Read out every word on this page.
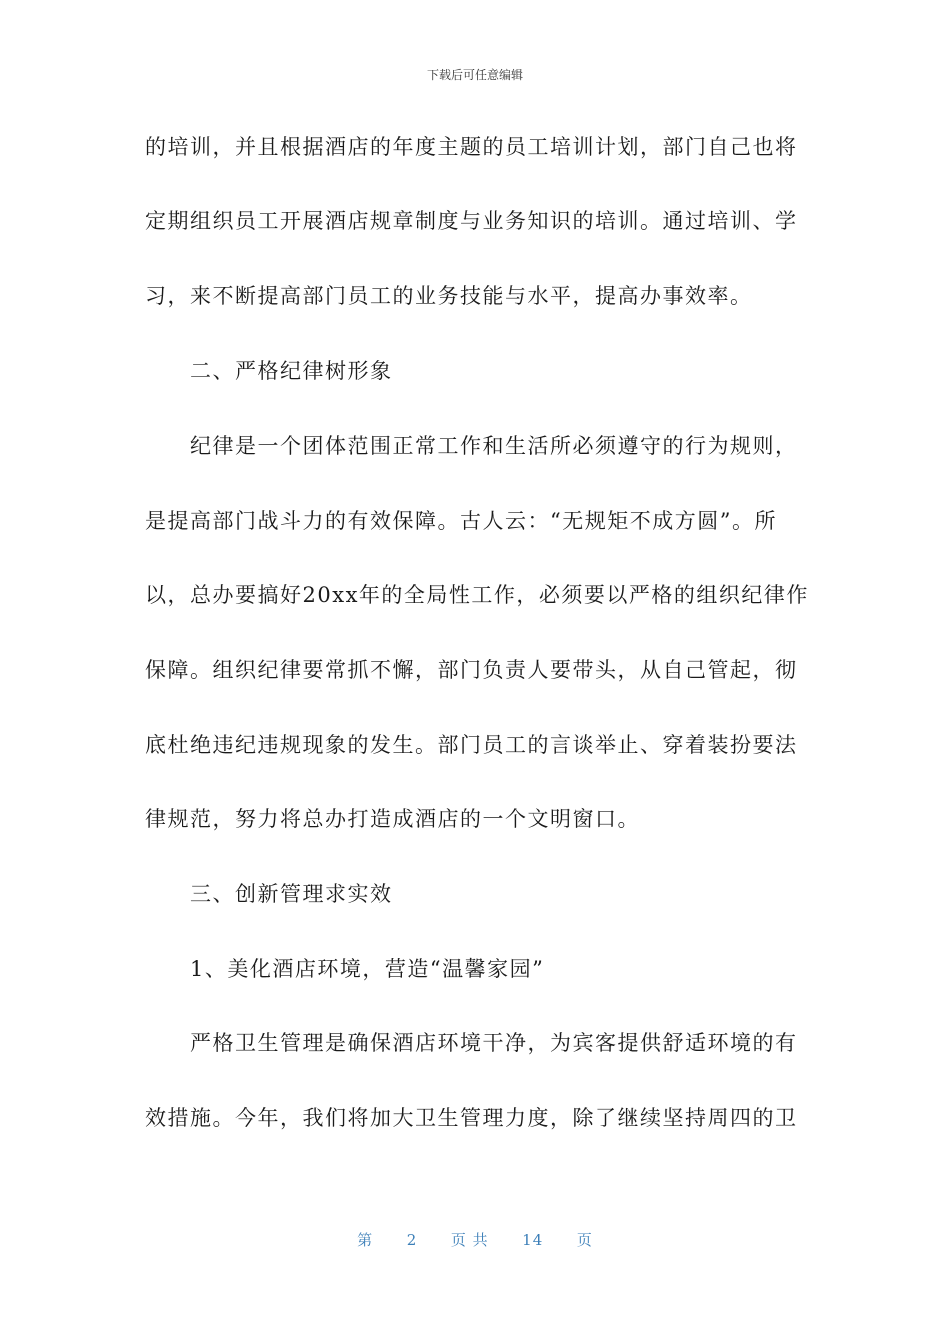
下载后可任意编辑
的培训，并且根据酒店的年度主题的员工培训计划，部门自己也将
定期组织员工开展酒店规章制度与业务知识的培训。通过培训、学
习，来不断提高部门员工的业务技能与水平，提高办事效率。
二、严格纪律树形象
纪律是一个团体范围正常工作和生活所必须遵守的行为规则，
是提高部门战斗力的有效保障。古人云：“无规矩不成方圆”。所
以，总办要搞好20xx年的全局性工作，必须要以严格的组织纪律作
保障。组织纪律要常抓不懈，部门负责人要带头，从自己管起，彻
底杜绝违纪违规现象的发生。部门员工的言谈举止、穿着装扮要法
律规范，努力将总办打造成酒店的一个文明窗口。
三、创新管理求实效
1、美化酒店环境，营造“温馨家园”
严格卫生管理是确保酒店环境干净，为宾客提供舒适环境的有
效措施。今年，我们将加大卫生管理力度，除了继续坚持周四的卫
第 2 页 共 14 页
